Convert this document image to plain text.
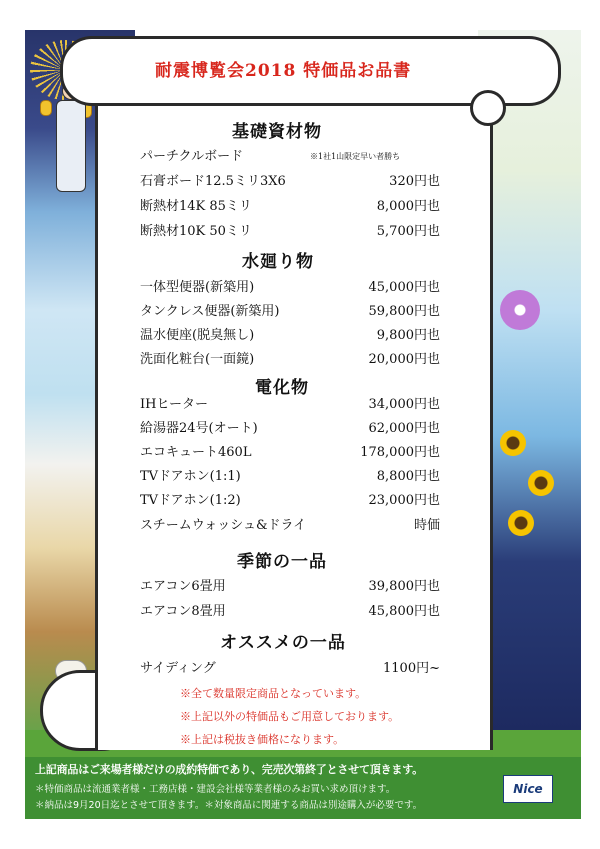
耐震博覧会2018 特価品お品書
基礎資材物
※1社1山限定早い者勝ち
パーチクルボード
石膏ボード12.5ミリ3X6	320円也
断熱材14K 85ミリ	8,000円也
断熱材10K 50ミリ	5,700円也
水廻り物
一体型便器(新築用)	45,000円也
タンクレス便器(新築用)	59,800円也
温水便座(脱臭無し)	9,800円也
洗面化粧台(一面鏡)	20,000円也
電化物
IHヒーター	34,000円也
給湯器24号(オート)	62,000円也
エコキュート460L	178,000円也
TVドアホン(1:1)	8,800円也
TVドアホン(1:2)	23,000円也
スチームウォッシュ&ドライ	時価
季節の一品
エアコン6畳用	39,800円也
エアコン8畳用	45,800円也
オススメの一品
サイディング	1100円~
※全て数量限定商品となっています。
※上記以外の特価品もご用意しております。
※上記は税抜き価格になります。
上記商品はご来場者様だけの成約特価であり、完売次第終了とさせて頂きます。
＊特価商品は流通業者様・工務店様・建設会社様等業者様のみお買い求め頂けます。
＊納品は9月20日迄とさせて頂きます。＊対象商品に関連する商品は別途購入が必要です。
Nice
